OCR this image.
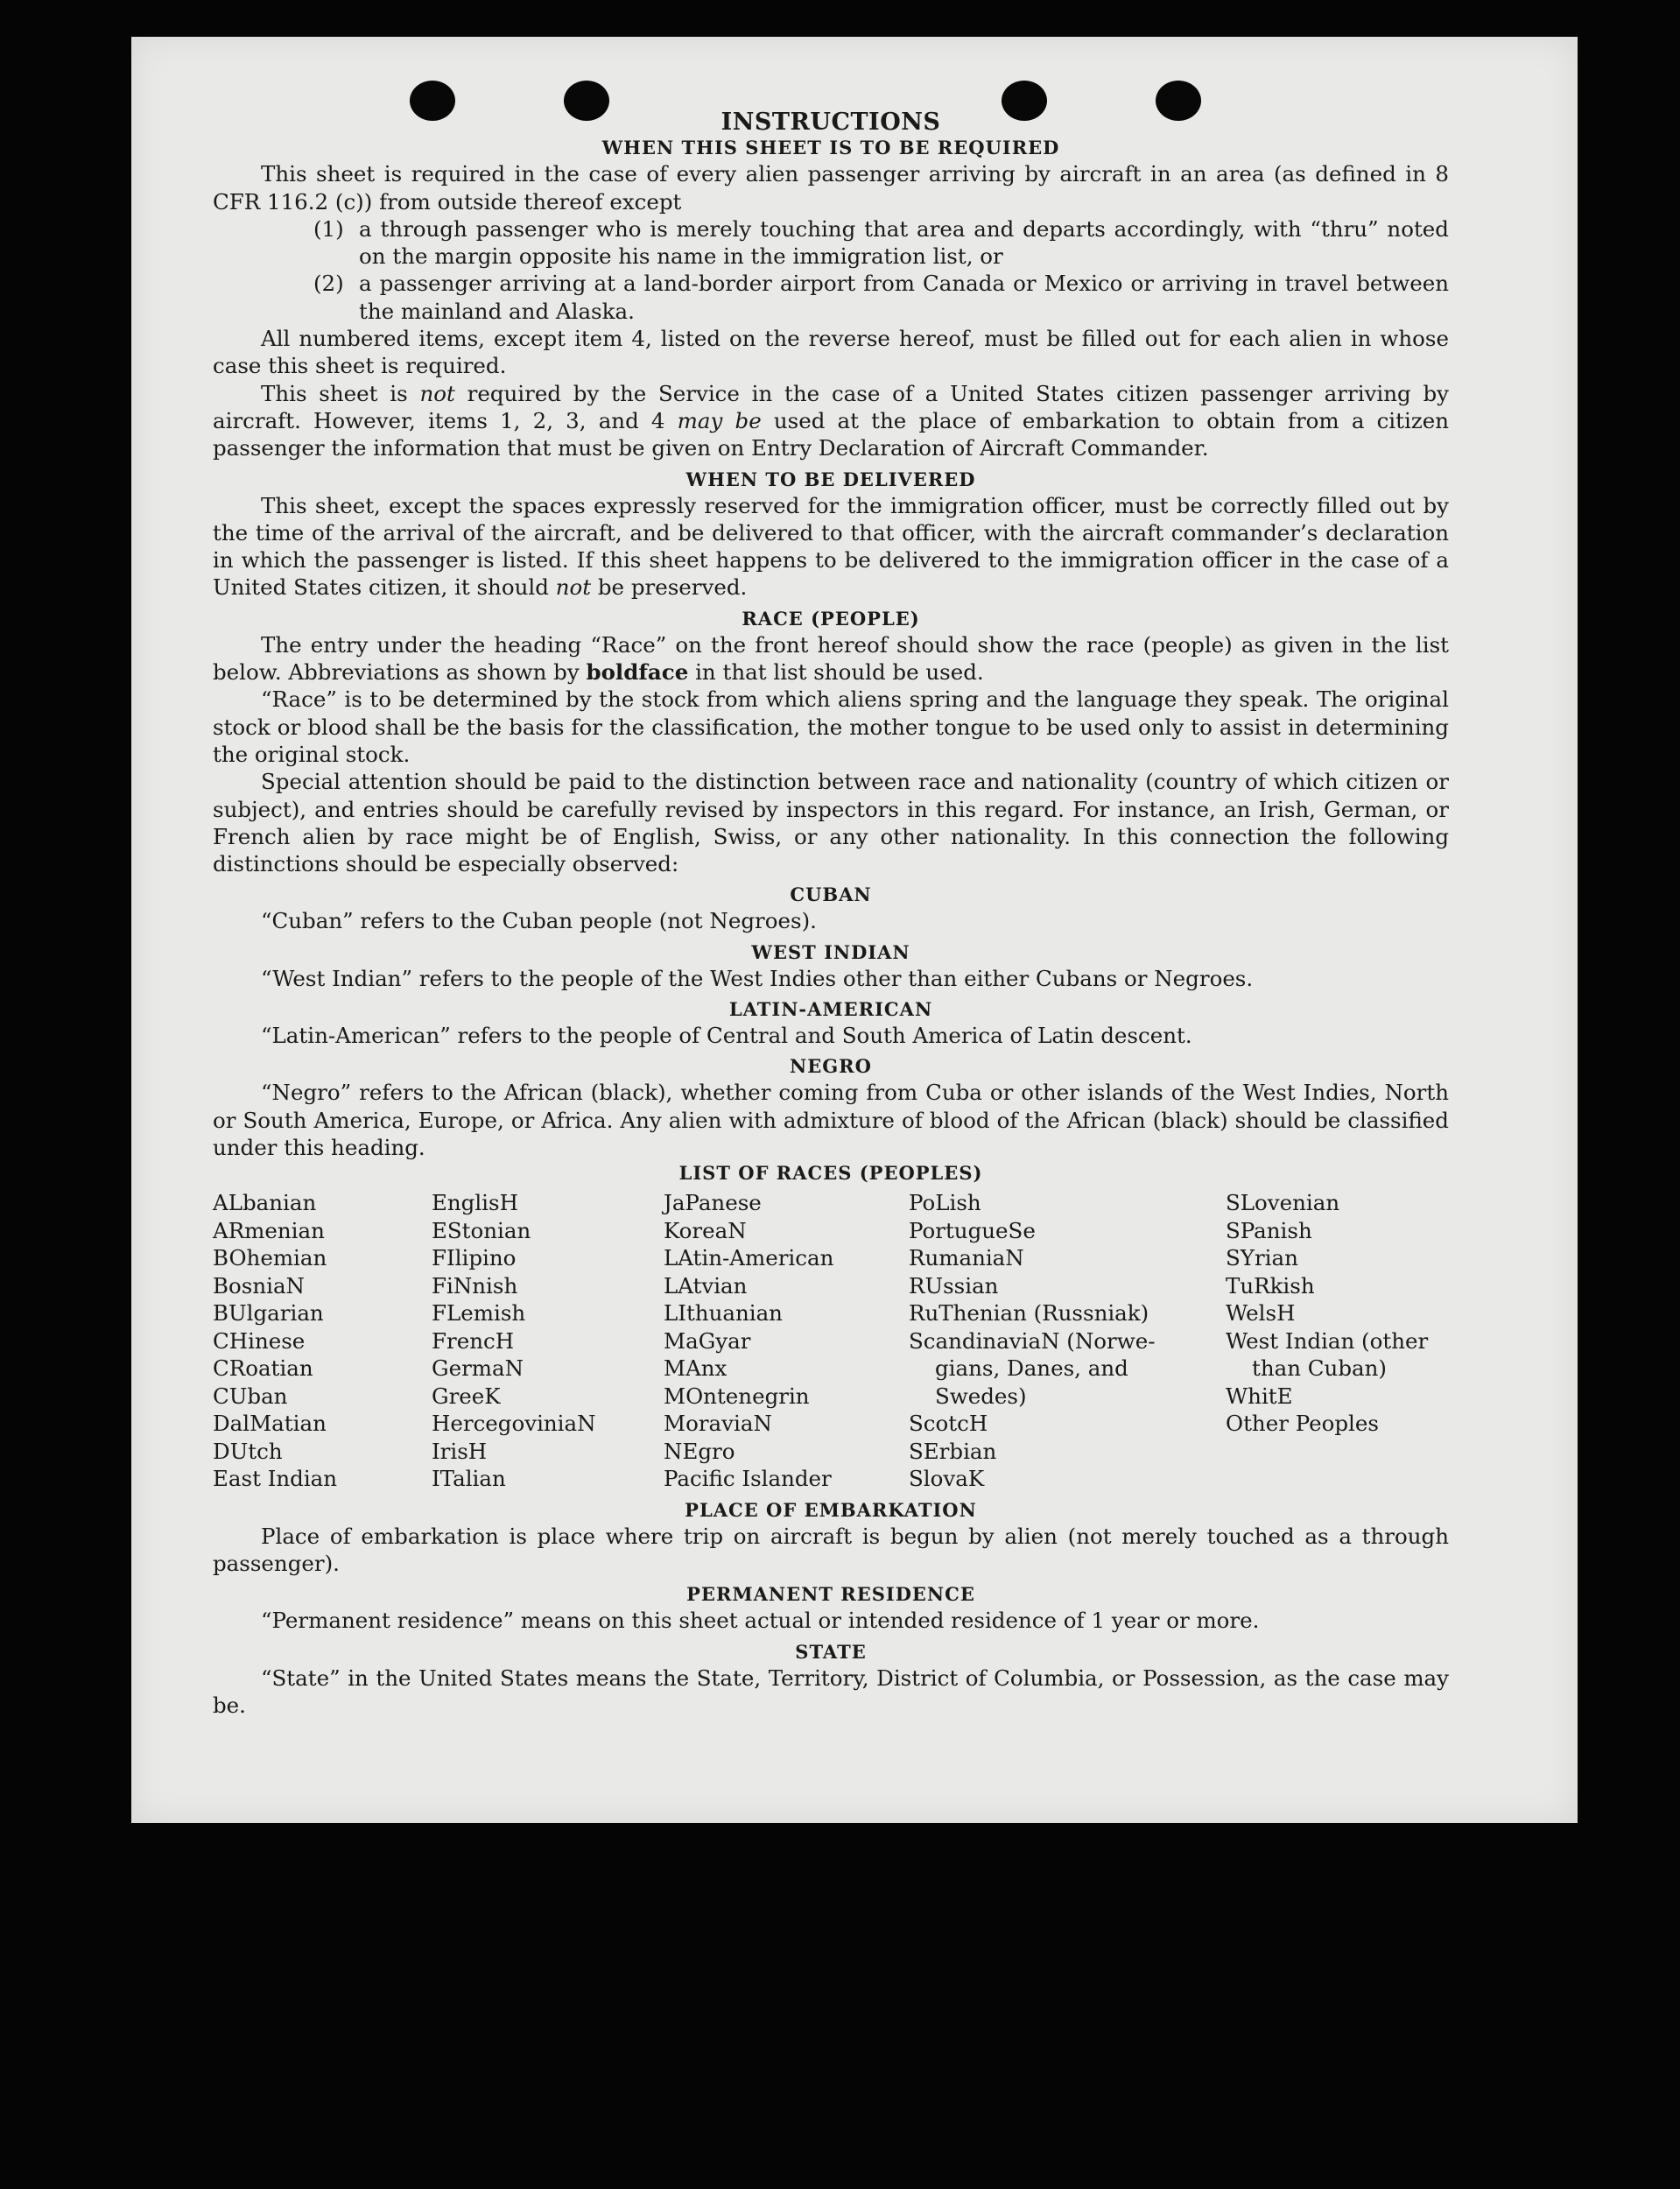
INSTRUCTIONS
WHEN THIS SHEET IS TO BE REQUIRED

This sheet is required in the case of every alien passenger arriving by aircraft in an area (as defined in 8 CFR 116.2 (c)) from outside thereof except

(1) a through passenger who is merely touching that area and departs accordingly, with “thru” noted on the margin opposite his name in the immigration list, or
(2) a passenger arriving at a land-border airport from Canada or Mexico or arriving in travel between the mainland and Alaska.

All numbered items, except item 4, listed on the reverse hereof, must be filled out for each alien in whose case this sheet is required.

This sheet is not required by the Service in the case of a United States citizen passenger arriving by aircraft. However, items 1, 2, 3, and 4 may be used at the place of embarkation to obtain from a citizen passenger the information that must be given on Entry Declaration of Aircraft Commander.

WHEN TO BE DELIVERED

This sheet, except the spaces expressly reserved for the immigration officer, must be correctly filled out by the time of the arrival of the aircraft, and be delivered to that officer, with the aircraft commander’s declaration in which the passenger is listed. If this sheet happens to be delivered to the immigration officer in the case of a United States citizen, it should not be preserved.

RACE (PEOPLE)

The entry under the heading “Race” on the front hereof should show the race (people) as given in the list below. Abbreviations as shown by boldface in that list should be used.

“Race” is to be determined by the stock from which aliens spring and the language they speak. The original stock or blood shall be the basis for the classification, the mother tongue to be used only to assist in determining the original stock.

Special attention should be paid to the distinction between race and nationality (country of which citizen or subject), and entries should be carefully revised by inspectors in this regard. For instance, an Irish, German, or French alien by race might be of English, Swiss, or any other nationality. In this connection the following distinctions should be especially observed:

CUBAN

“Cuban” refers to the Cuban people (not Negroes).

WEST INDIAN

“West Indian” refers to the people of the West Indies other than either Cubans or Negroes.

LATIN-AMERICAN

“Latin-American” refers to the people of Central and South America of Latin descent.

NEGRO

“Negro” refers to the African (black), whether coming from Cuba or other islands of the West Indies, North or South America, Europe, or Africa. Any alien with admixture of blood of the African (black) should be classified under this heading.

LIST OF RACES (PEOPLES)
ALbanian
ARmenian
BOhemian
BosniaN
BUlgarian
CHinese
CRoatian
CUban
DalMatian
DUtch
East Indian
EnglisH
EStonian
FIlipino
FiNnish
FLemish
FrencH
GermaN
GreeK
HercegoviniaN
IrisH
ITalian
JaPanese
KoreaN
LAtin-American
LAtvian
LIthuanian
MaGyar
MAnx
MOntenegrin
MoraviaN
NEgro
Pacific Islander
PoLish
PortugueSe
RumaniaN
RUssian
RuThenian (Russniak)
ScandinaviaN (Norwe-
gians, Danes, and
Swedes)
ScotcH
SErbian
SlovaK
SLovenian
SPanish
SYrian
TuRkish
WelsH
West Indian (other
than Cuban)
WhitE
Other Peoples
PLACE OF EMBARKATION

Place of embarkation is place where trip on aircraft is begun by alien (not merely touched as a through passenger).

PERMANENT RESIDENCE

“Permanent residence” means on this sheet actual or intended residence of 1 year or more.

STATE

“State” in the United States means the State, Territory, District of Columbia, or Possession, as the case may be.
